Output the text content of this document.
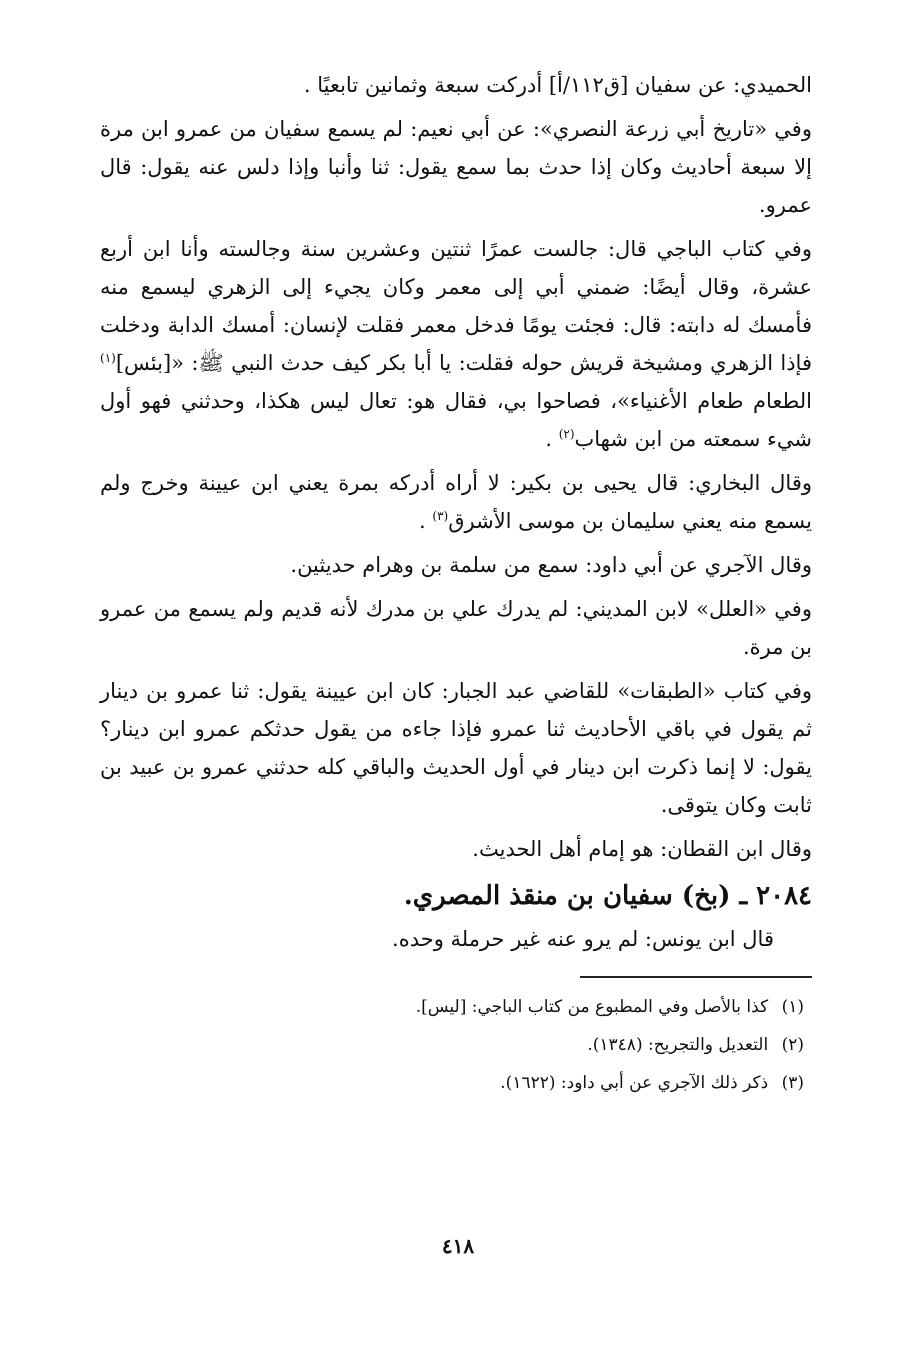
الحميدي: عن سفيان [ق١١٢/أ] أدركت سبعة وثمانين تابعيًا .

وفي «تاريخ أبي زرعة النصري»: عن أبي نعيم: لم يسمع سفيان من عمرو ابن مرة إلا سبعة أحاديث وكان إذا حدث بما سمع يقول: ثنا وأنبا وإذا دلس عنه يقول: قال عمرو.

وفي كتاب الباجي قال: جالست عمرًا ثنتين وعشرين سنة وجالسته وأنا ابن أربع عشرة، وقال أيضًا: ضمني أبي إلى معمر وكان يجيء إلى الزهري ليسمع منه فأمسك له دابته: قال: فجئت يومًا فدخل معمر فقلت لإنسان: أمسك الدابة ودخلت فإذا الزهري ومشيخة قريش حوله فقلت: يا أبا بكر كيف حدث النبي ﷺ: «[بئس]$^{(١)}$ الطعام طعام الأغنياء»، فصاحوا بي، فقال هو: تعال ليس هكذا، وحدثني فهو أول شيء سمعته من ابن شهاب$^{(٢)}$ .

وقال البخاري: قال يحيى بن بكير: لا أراه أدركه بمرة يعني ابن عيينة وخرج ولم يسمع منه يعني سليمان بن موسى الأشرق$^{(٣)}$ .

وقال الآجري عن أبي داود: سمع من سلمة بن وهرام حديثين.

وفي «العلل» لابن المديني: لم يدرك علي بن مدرك لأنه قديم ولم يسمع من عمرو بن مرة.

وفي كتاب «الطبقات» للقاضي عبد الجبار: كان ابن عيينة يقول: ثنا عمرو بن دينار ثم يقول في باقي الأحاديث ثنا عمرو فإذا جاءه من يقول حدثكم عمرو ابن دينار؟ يقول: لا إنما ذكرت ابن دينار في أول الحديث والباقي كله حدثني عمرو بن عبيد بن ثابت وكان يتوقى.

وقال ابن القطان: هو إمام أهل الحديث.

٢٠٨٤ ـ (بخ) سفيان بن منقذ المصري.

قال ابن يونس: لم يرو عنه غير حرملة وحده.

(١) كذا بالأصل وفي المطبوع من كتاب الباجي: [ليس].
(٢) التعديل والتجريح: (١٣٤٨).
(٣) ذكر ذلك الآجري عن أبي داود: (١٦٢٢).
٤١٨
